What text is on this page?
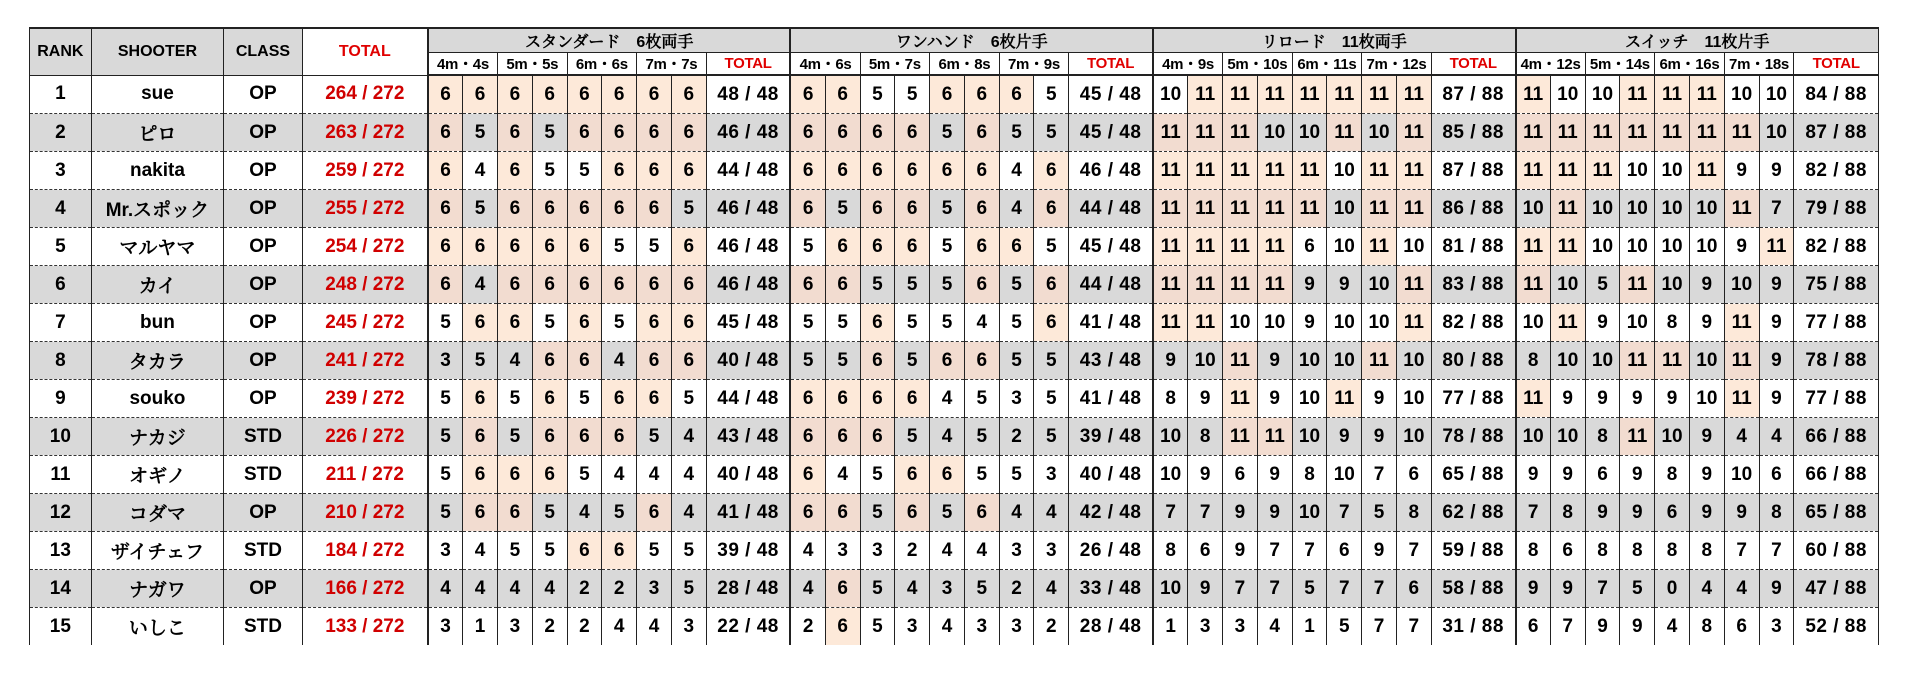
RANK	SHOOTER	CLASS	TOTAL	スタンダード　6枚両手									ワンハンド　6枚片手									リロード　11枚両手									スイッチ　11枚片手								
				4m・4s		5m・5s		6m・6s		7m・7s		TOTAL	4m・6s		5m・7s		6m・8s		7m・9s		TOTAL	4m・9s		5m・10s		6m・11s		7m・12s		TOTAL	4m・12s		5m・14s		6m・16s		7m・18s		TOTAL
1	sue	OP	264 / 272	6	6	6	6	6	6	6	6	48 / 48	6	6	5	5	6	6	6	5	45 / 48	10	11	11	11	11	11	11	11	87 / 88	11	10	10	11	11	11	10	10	84 / 88
2	ピロ	OP	263 / 272	6	5	6	5	6	6	6	6	46 / 48	6	6	6	6	5	6	5	5	45 / 48	11	11	11	10	10	11	10	11	85 / 88	11	11	11	11	11	11	11	10	87 / 88
3	nakita	OP	259 / 272	6	4	6	5	5	6	6	6	44 / 48	6	6	6	6	6	6	4	6	46 / 48	11	11	11	11	11	10	11	11	87 / 88	11	11	11	10	10	11	9	9	82 / 88
4	Mr.スポック	OP	255 / 272	6	5	6	6	6	6	6	5	46 / 48	6	5	6	6	5	6	4	6	44 / 48	11	11	11	11	11	10	11	11	86 / 88	10	11	10	10	10	10	11	7	79 / 88
5	マルヤマ	OP	254 / 272	6	6	6	6	6	5	5	6	46 / 48	5	6	6	6	5	6	6	5	45 / 48	11	11	11	11	6	10	11	10	81 / 88	11	11	10	10	10	10	9	11	82 / 88
6	カイ	OP	248 / 272	6	4	6	6	6	6	6	6	46 / 48	6	6	5	5	5	6	5	6	44 / 48	11	11	11	11	9	9	10	11	83 / 88	11	10	5	11	10	9	10	9	75 / 88
7	bun	OP	245 / 272	5	6	6	5	6	5	6	6	45 / 48	5	5	6	5	5	4	5	6	41 / 48	11	11	10	10	9	10	10	11	82 / 88	10	11	9	10	8	9	11	9	77 / 88
8	タカラ	OP	241 / 272	3	5	4	6	6	4	6	6	40 / 48	5	5	6	5	6	6	5	5	43 / 48	9	10	11	9	10	10	11	10	80 / 88	8	10	10	11	11	10	11	9	78 / 88
9	souko	OP	239 / 272	5	6	5	6	5	6	6	5	44 / 48	6	6	6	6	4	5	3	5	41 / 48	8	9	11	9	10	11	9	10	77 / 88	11	9	9	9	9	10	11	9	77 / 88
10	ナカジ	STD	226 / 272	5	6	5	6	6	6	5	4	43 / 48	6	6	6	5	4	5	2	5	39 / 48	10	8	11	11	10	9	9	10	78 / 88	10	10	8	11	10	9	4	4	66 / 88
11	オギノ	STD	211 / 272	5	6	6	6	5	4	4	4	40 / 48	6	4	5	6	6	5	5	3	40 / 48	10	9	6	9	8	10	7	6	65 / 88	9	9	6	9	8	9	10	6	66 / 88
12	コダマ	OP	210 / 272	5	6	6	5	4	5	6	4	41 / 48	6	6	5	6	5	6	4	4	42 / 48	7	7	9	9	10	7	5	8	62 / 88	7	8	9	9	6	9	9	8	65 / 88
13	ザイチェフ	STD	184 / 272	3	4	5	5	6	6	5	5	39 / 48	4	3	3	2	4	4	3	3	26 / 48	8	6	9	7	7	6	9	7	59 / 88	8	6	8	8	8	8	7	7	60 / 88
14	ナガワ	OP	166 / 272	4	4	4	4	2	2	3	5	28 / 48	4	6	5	4	3	5	2	4	33 / 48	10	9	7	7	5	7	7	6	58 / 88	9	9	7	5	0	4	4	9	47 / 88
15	いしこ	STD	133 / 272	3	1	3	2	2	4	4	3	22 / 48	2	6	5	3	4	3	3	2	28 / 48	1	3	3	4	1	5	7	7	31 / 88	6	7	9	9	4	8	6	3	52 / 88
